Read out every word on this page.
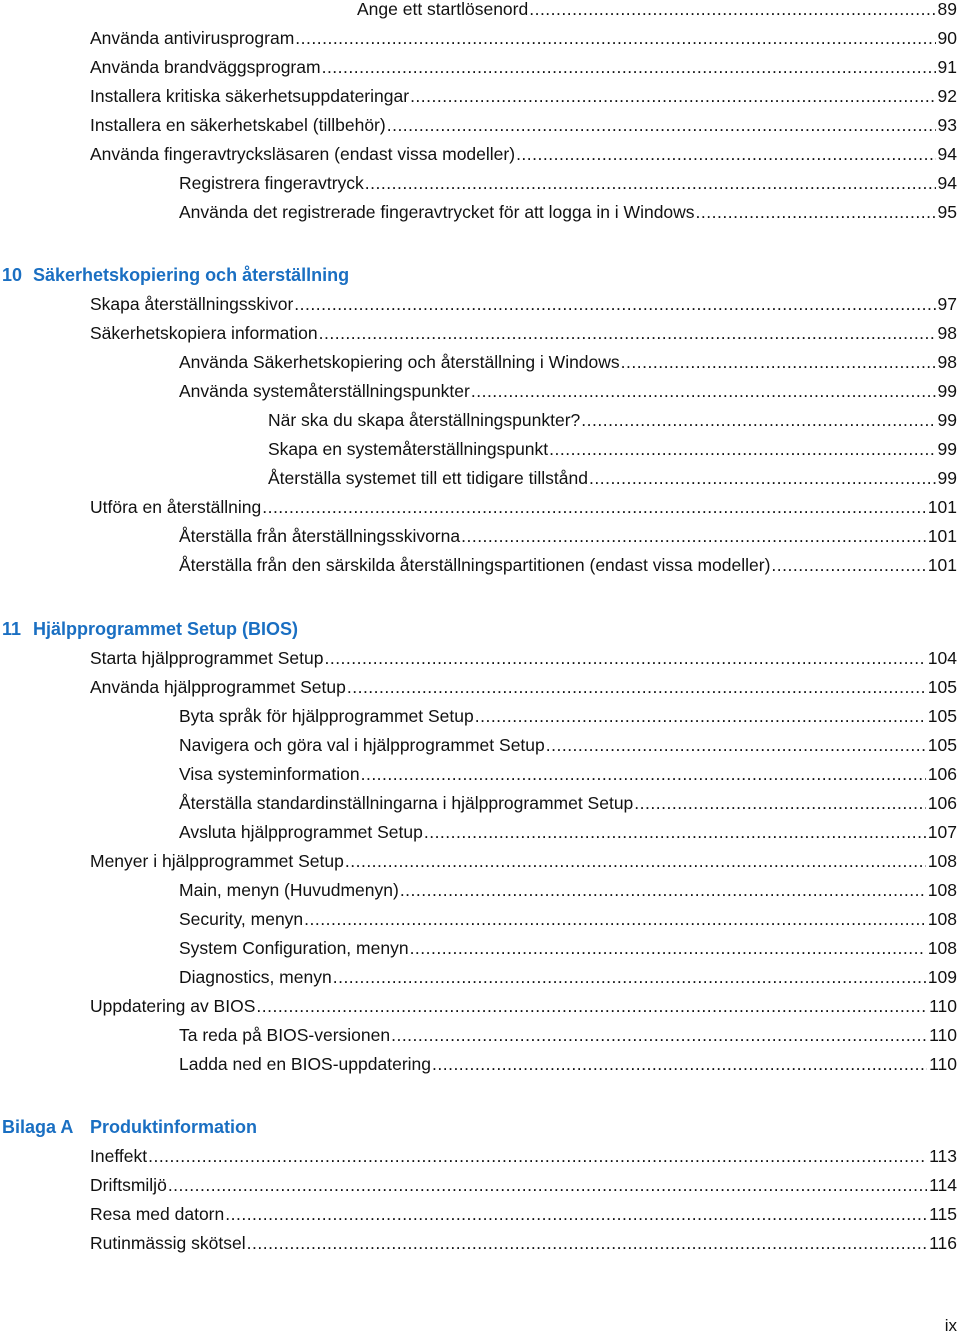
Ange ett startlösenord .....	89
Använda antivirusprogram .....	90
Använda brandväggsprogram .....	91
Installera kritiska säkerhetsuppdateringar .....	92
Installera en säkerhetskabel (tillbehör) .....	93
Använda fingeravtrycksläsaren (endast vissa modeller) .....	94
Registrera fingeravtryck .....	94
Använda det registrerade fingeravtrycket för att logga in i Windows .....	95
10 Säkerhetskopiering och återställning
Skapa återställningsskivor .....	97
Säkerhetskopiera information .....	98
Använda Säkerhetskopiering och återställning i Windows .....	98
Använda systemåterställningspunkter .....	99
När ska du skapa återställningspunkter? .....	99
Skapa en systemåterställningspunkt .....	99
Återställa systemet till ett tidigare tillstånd .....	99
Utföra en återställning .....	101
Återställa från återställningsskivorna .....	101
Återställa från den särskilda återställningspartitionen (endast vissa modeller) .....	101
11 Hjälpprogrammet Setup (BIOS)
Starta hjälpprogrammet Setup .....	104
Använda hjälpprogrammet Setup .....	105
Byta språk för hjälpprogrammet Setup .....	105
Navigera och göra val i hjälpprogrammet Setup .....	105
Visa systeminformation .....	106
Återställa standardinställningarna i hjälpprogrammet Setup .....	106
Avsluta hjälpprogrammet Setup .....	107
Menyer i hjälpprogrammet Setup .....	108
Main, menyn (Huvudmenyn) .....	108
Security, menyn .....	108
System Configuration, menyn .....	108
Diagnostics, menyn .....	109
Uppdatering av BIOS .....	110
Ta reda på BIOS-versionen .....	110
Ladda ned en BIOS-uppdatering .....	110
Bilaga A Produktinformation
Ineffekt .....	113
Driftsmiljö .....	114
Resa med datorn .....	115
Rutinmässig skötsel .....	116
ix
